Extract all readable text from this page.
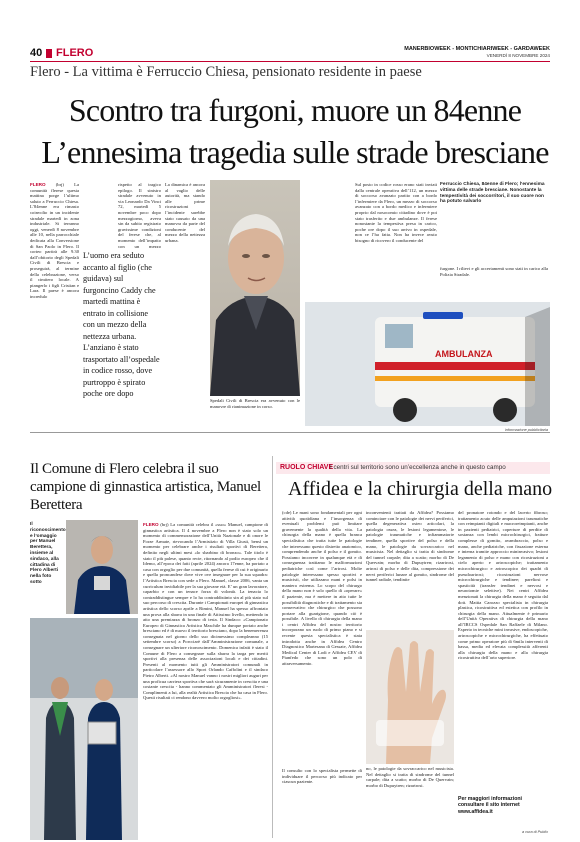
40 FLERO	MANERBIOWEEK - MONTICHIARIWEEK - GARDAWEEK
VENERDÌ 8 NOVEMBRE 2024
Flero - La vittima è Ferruccio Chiesa, pensionato residente in paese
Scontro tra furgoni, muore un 84enne
L’ennesima tragedia sulle strade bresciane

FLERO (brj) La comunità flerese questa mattina porge l’ultimo saluto a Ferruccio Chiesa. L’84enne era rimasto coinvolto in un incidente stradale martedì in zona industriale. Si terranno oggi, venerdì 8 novembre alle 10, nella parrocchiale dedicata alla Conversione di San Paolo in Flero. Il corteo partirà alle 9.30 dall’obitorio degli Spedali Civili di Brescia e proseguirà, al termine della celebrazione, verso il cimitero locale. A piangerlo i figli Cristian e Lara. Il paese è ancora incredulo

L’uomo era seduto accanto al figlio (che guidava) sul furgoncino Caddy che martedì mattina è entrato in collisione con un mezzo della nettezza urbana. L’anziano è stato trasportato all’ospedale in codice rosso, dove purtroppo è spirato poche ore dopo

rispetto al tragico epilogo. Il sinistro stradale avvenuto in via Leonardo Da Vinci 72, martedì 5 novembre poco dopo mezzogiorno, aveva sin da subito registrato gravissime condizioni del ferese che, al momento dell’impatto con un mezzo

La dinamica è ancora al vaglio delle autorità, ma stando alle prime ricostruzioni l’incidente sarebbe stato causato da una manovra da parte del conducente del mezzo della nettezza urbana.

Spedali Civili di Brescia era avvenuto con le manovre di rianimazione in corso.

Sul posto in codice rosso erano stati inviati dalla centrale operativa dell’112, un mezzo di soccorso avanzato partito con a bordo l’infermiere da Flero, un mezzo di soccorso avanzato con a bordo medico e infermiere proprio dal nosocomio cittadino dove è poi stato trasferito e due ambulanze. Il ferese nonostante la tempestiva presa in carico, poche ore dopo il suo arrivo in ospedale, non ce l’ha fatta. Non ha invece avuto bisogno di ricovero il conducente del

Ferruccio Chiesa, 84enne di Flero; l’ennesima vittima delle strade bresciane. Nonostante la tempestività dei soccorritori, il suo cuore non ha potuto salvarlo

furgone. I rilievi e gli accertamenti sono stati in carico alla Polizia Stradale.

AMBULANZA
informazione pubblicitaria
Il Comune di Flero celebra il suo campione di ginnastica artistica, Manuel Berettera
Il riconoscimento e l’omaggio per Manuel Berettera, insieme al sindaco, alla cittadina di Flero Alberti nella foto sotto

FLERO (brj) La comunità celebra il «suo» Manuel, campione di ginnastica artistica. Il 4 novembre a Flero non è stato solo un momento di commemorazione dell’Unità Nazionale e di onore le Forze Armate, rievocando l’Armistizio di Villa Giusti, bensì un momento per celebrare anche i risultati sportivi di Berettera, definito negli ultimi mesi «lo sbarbino di bronzo». Tale titolo è stato il più palese, quanto recte, ritornando al podio europeo che il Idemo, all’epoca dei fatti (aprile 2024) ancora 17enne, ha portato a casa con orgoglio per due comunità, quella ferese di cui è originario e quella proncandese dove vive ove insegnare per la sua squadra: l’Artistica Brescia con sede a Flero. Manuel, classe 2006, vanta un curriculum invidiabile per la sua giovane età. E’ un gran lavoratore, caparbio e con un tenace forza di volontà. La tenacia lo contraddistingue sempre e lo ha contraddistinto sin al più stato sul suo percorso di crescita. Durante i Campionati europei di ginnastica artistica dello scorso aprile a Rimini, Manuel ha spesso affrontato una prova alla sbarra in una finale di Attissimo livello, mettendo in atto una premiazza di bronzo di testa. Il Sindaco: «Campionato Europeo di Ginnastica Artistica Maschile ha dunque portato anche bresciano ed è di nuovo il territorio bresciano, dopo la benemerenza consegnata nel giorno dello suo dicimessimo compleanno (15 settembre scorso) a Porcciarè dall’Amministrazione comunale, a consegnare un ulteriore riconoscimento. Domenica infatti è stato il Comune di Flero a consegnare sulla sbarra la targa per meriti sportivi alla presenza delle associazioni locali e dei cittadini. Presenti al momento tutti gli Amministratori comunali in particolare l’assessore allo Sport Orlando Caffolini e il sindaco Pietro Alberti. «Al nostro Manuel vanno i nostri migliori auguri per una proficua carriera sportiva che sarà sicuramente in crescita e una costante crescita - hanno commentato gli Amministratori fleresi - Complimenti a lui, alla realtà Artistica Brescia che ha casa in Flero. Questi risultati ci rendono davvero molto orgogliosi».

RUOLO CHIAVE
I centri sul territorio sono un’eccellenza anche in questo campo
Affidea e la chirurgia della mano

(cde) Le mani sono fondamentali per ogni attività quotidiana e l’insorgenza di eventuali problemi può limitare gravemente la qualità della vita. La chirurgia della mano è quella branca specialistica che tratta tutte le patologie che interessano questo distretto anatomico, comprendendo anche il polso e il gomito. Possiamo incorrere in qualunque età e di conseguenza trattiamo le malformazioni pediatriche così come l’artrosi. Molte patologie interessano spesso sportivi e musicisti, che utilizzano mani e polsi in maniera estrema. Lo scopo del chirurgo della mano non è solo quello di «operare» il paziente, ma è mettere in atto tutte le possibilità diagnostiche e di trattamento sia conservativo che chirurgico che possono portare alla guarigione, quando ciò è possibile. A livello di chirurgia della mano i centri Affidea del nostro territorio incorporano un ruolo di primo piano e si recente questa specialistica è stata introdotta anche in Affidea Centro Diagnostico Martesana di Gessate, Affidea Medical Center di Lodi e Affidea CEV di Pianfedo che sono un polo di attraversamento.

inconvenienti trattati da Affidea? Possiamo cominciare con le patologie dei nervi periferici, quella degenerativa osteo articolari, la patologia ossea, le lesioni legamentose, le patologie traumatiche e infiammatorie tendinee, quella sportive del polso e della mano, le patologie da sovraccarico nel musicista. Nel dettaglio si tratta di sindrome del tunnel carpale; dita a scatto; morbo di De Quervain; morbo di Dupuytren; rizartrosi, artrosi di polso e delle dita, compressione dei nervi periferici lunare al gomito, sindrome del tunnel radiale, tendinite

no, le patologie da sovraccarico nel musicista. Nel dettaglio si tratta di sindrome del tunnel carpale; dita a scatto; morbo di De Quervain; morbo di Dupuytren; rizartrosi.

Il consulto con lo specialista permette di individuare il percorso più indicato per ciascun paziente.

del pronatore rotondo e del lacerto fibroso; trattamento acuto delle amputazioni traumatiche con reimpianti digitali e macroreimpianti, anche in pazienti pediatrici, coperture di perdite di sostanza con lembi microchirurgici, fratture complesse di gomito, avambraccio, polso e mano, anche pediatriche, con fissazione esterna e interna tramite approccio mininvasivo; lesioni legamento di polso e mano con ricostruzioni a cielo aperto e artroscopiche; trattamento microchirurgico e artroscopico dei quadri di pseudoartrosi; ricostruzioni nervose microchirurgiche e tendinee; pareliosi e spasticità (transfer tendinei e nervosi e neurotomie selettive). Nei centri Affidea menzionati la chirurgia della mano è seguita dal dott. Mattia Carozzo specialista in chirurgia plastica, ricostruttiva ed estetica con profilo in chirurgia della mano. Attualmente è primario dell’Unità Operativa di chirurgia della mano all’IRCCS Ospedale San Raffaele di Milano. Esperto in tecniche mini invasive, endoscopiche, artroscopiche e microchirurgiche, ha effettuato come primo operatore più di 6mila interventi di bassa, media ed elevata complessità afferenti alla chirurgia della mano e alla chirurgia ricostruttiva dell’arto superiore.

Per maggiori informazioni consultare il sito internet www.affidea.it
a cura di Publix
